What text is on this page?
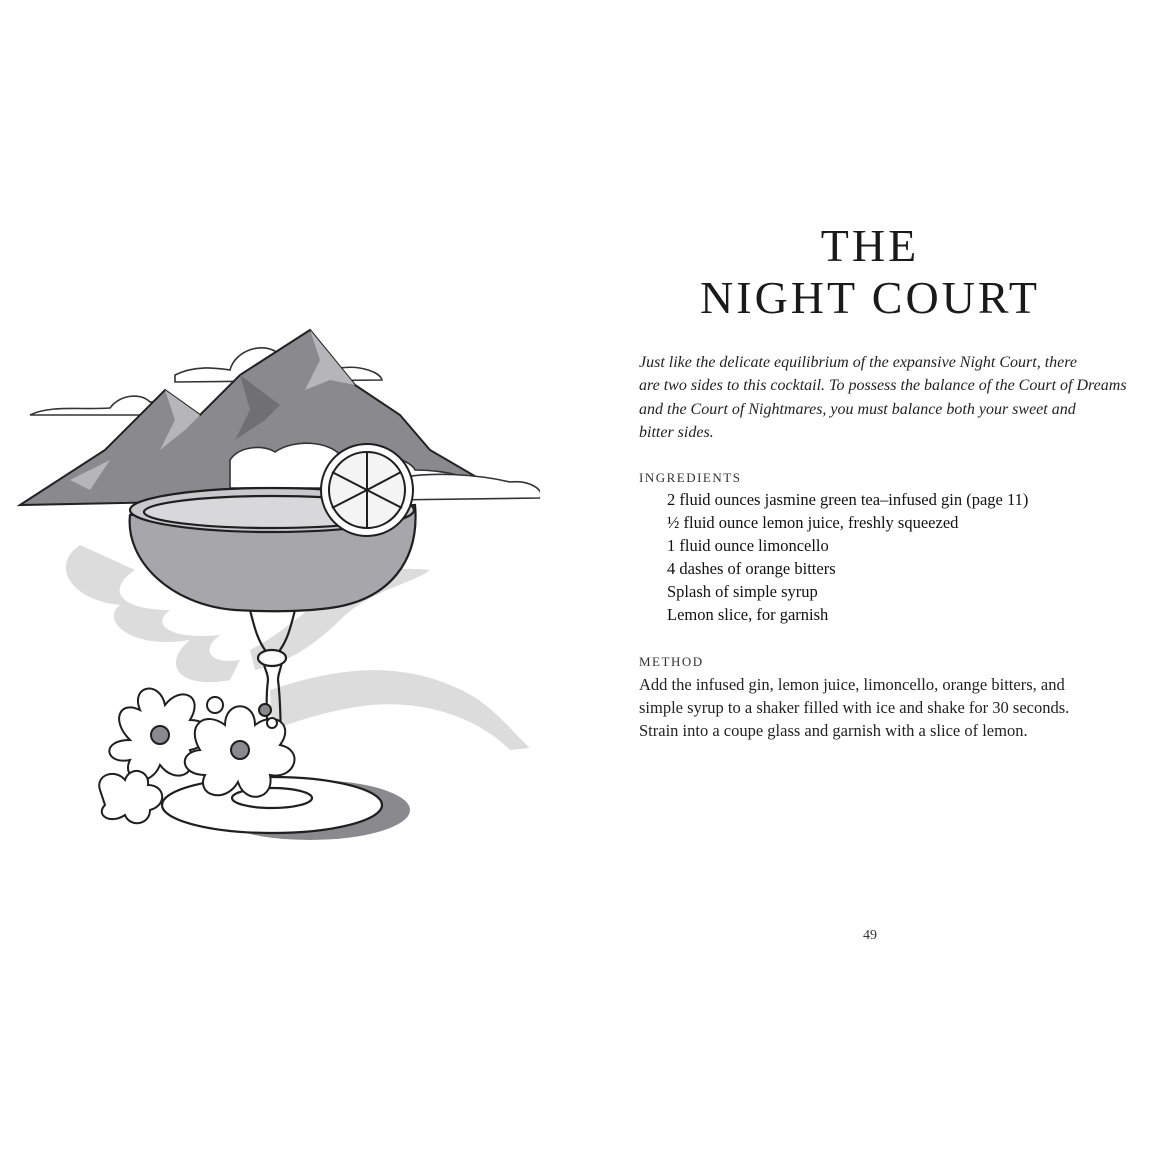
THE
NIGHT COURT
Just like the delicate equilibrium of the expansive Night Court, there
are two sides to this cocktail. To possess the balance of the Court of Dreams
and the Court of Nightmares, you must balance both your sweet and
bitter sides.
INGREDIENTS
2 fluid ounces jasmine green tea–infused gin (page 11)
½ fluid ounce lemon juice, freshly squeezed
1 fluid ounce limoncello
4 dashes of orange bitters
Splash of simple syrup
Lemon slice, for garnish
METHOD
Add the infused gin, lemon juice, limoncello, orange bitters, and
simple syrup to a shaker filled with ice and shake for 30 seconds.
Strain into a coupe glass and garnish with a slice of lemon.
49
